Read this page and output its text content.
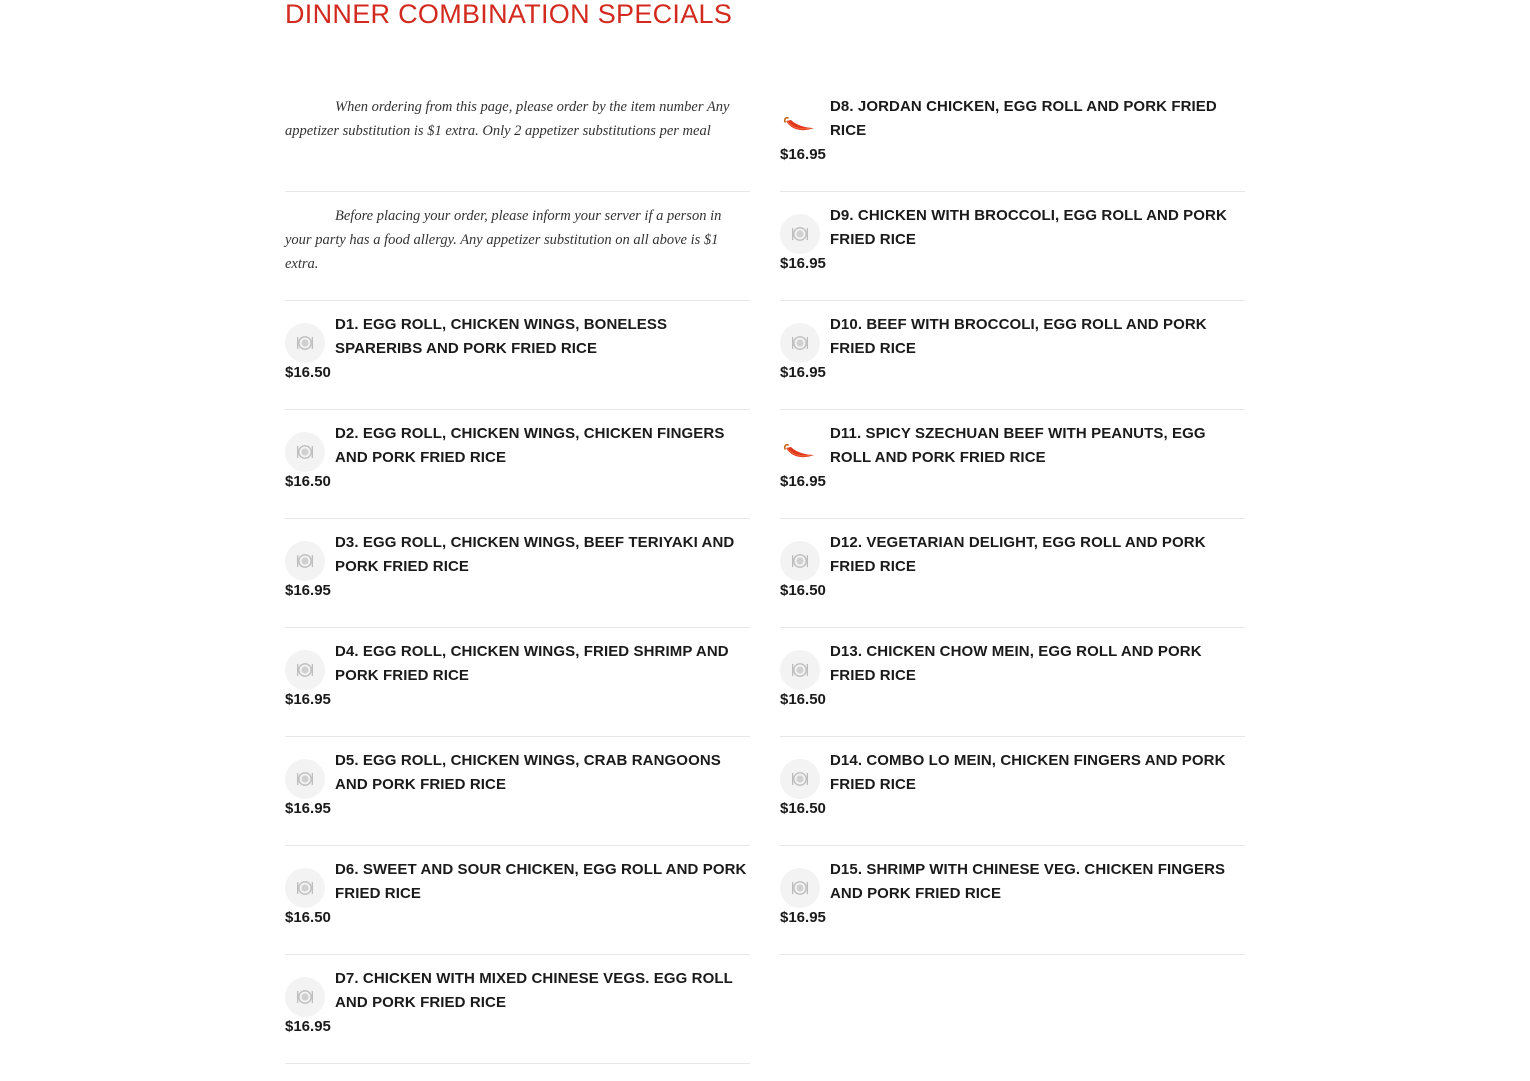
DINNER COMBINATION SPECIALS
When ordering from this page, please order by the item number Any appetizer substitution is $1 extra. Only 2 appetizer substitutions per meal
Before placing your order, please inform your server if a person in your party has a food allergy. Any appetizer substitution on all above is $1 extra.
D1. EGG ROLL, CHICKEN WINGS, BONELESS SPARERIBS AND PORK FRIED RICE
$16.50
D2. EGG ROLL, CHICKEN WINGS, CHICKEN FINGERS AND PORK FRIED RICE
$16.50
D3. EGG ROLL, CHICKEN WINGS, BEEF TERIYAKI AND PORK FRIED RICE
$16.95
D4. EGG ROLL, CHICKEN WINGS, FRIED SHRIMP AND PORK FRIED RICE
$16.95
D5. EGG ROLL, CHICKEN WINGS, CRAB RANGOONS AND PORK FRIED RICE
$16.95
D6. SWEET AND SOUR CHICKEN, EGG ROLL AND PORK FRIED RICE
$16.50
D7. CHICKEN WITH MIXED CHINESE VEGS. EGG ROLL AND PORK FRIED RICE
$16.95
D8. JORDAN CHICKEN, EGG ROLL AND PORK FRIED RICE
$16.95
D9. CHICKEN WITH BROCCOLI, EGG ROLL AND PORK FRIED RICE
$16.95
D10. BEEF WITH BROCCOLI, EGG ROLL AND PORK FRIED RICE
$16.95
D11. SPICY SZECHUAN BEEF WITH PEANUTS, EGG ROLL AND PORK FRIED RICE
$16.95
D12. VEGETARIAN DELIGHT, EGG ROLL AND PORK FRIED RICE
$16.50
D13. CHICKEN CHOW MEIN, EGG ROLL AND PORK FRIED RICE
$16.50
D14. COMBO LO MEIN, CHICKEN FINGERS AND PORK FRIED RICE
$16.50
D15. SHRIMP WITH CHINESE VEG. CHICKEN FINGERS AND PORK FRIED RICE
$16.95
